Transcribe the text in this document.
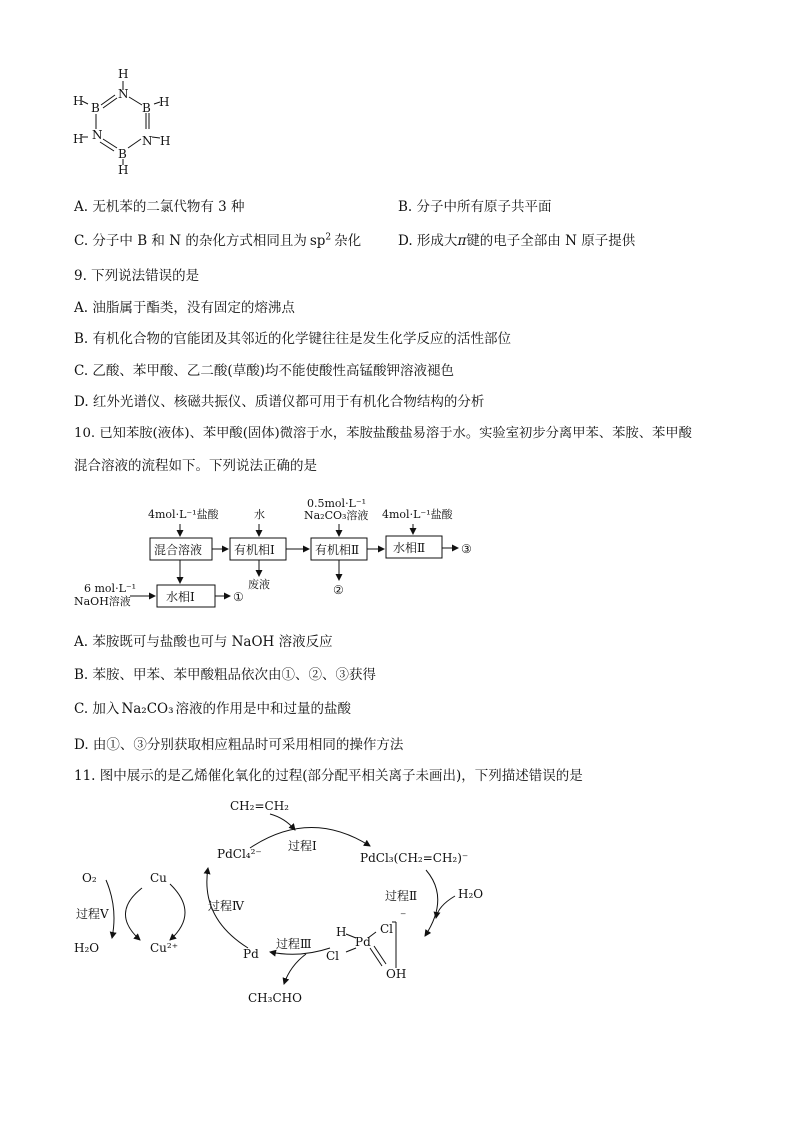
H
N
B
H	H
B
N
H
B
H
N H
A. 无机苯的二氯代物有 3 种	B. 分子中所有原子共平面
C. 分子中 B 和 N 的杂化方式相同且为 $sp^2$ 杂化	D. 形成大π键的电子全部由 N 原子提供
9. 下列说法错误的是
A. 油脂属于酯类，没有固定的熔沸点
B. 有机化合物的官能团及其邻近的化学键往往是发生化学反应的活性部位
C. 乙酸、苯甲酸、乙二酸(草酸)均不能使酸性高锰酸钾溶液褪色
D. 红外光谱仪、核磁共振仪、质谱仪都可用于有机化合物结构的分析
10. 已知苯胺(液体)、苯甲酸(固体)微溶于水，苯胺盐酸盐易溶于水。实验室初步分离甲苯、苯胺、苯甲酸
混合溶液的流程如下。下列说法正确的是
4mol·L⁻¹盐酸	水
0.5mol·L⁻¹
Na₂CO₃溶液 4mol·L⁻¹盐酸
混合溶液	有机相Ⅰ	有机相Ⅱ	水相Ⅱ
水相Ⅰ
6 mol·L⁻¹
NaOH溶液
废液
①	②
③
A. 苯胺既可与盐酸也可与 NaOH 溶液反应
B. 苯胺、甲苯、苯甲酸粗品依次由①、②、③获得
C. 加入 Na₂CO₃ 溶液的作用是中和过量的盐酸
D. 由①、③分别获取相应粗品时可采用相同的操作方法
11. 图中展示的是乙烯催化氧化的过程(部分配平相关离子未画出)，下列描述错误的是
CH₂=CH₂
PdCl₄²⁻
过程Ⅰ
PdCl₃(CH₂=CH₂)⁻
过程Ⅱ	H₂O
过程Ⅳ
Pd
过程Ⅲ
H
Pd
Cl
Cl
OH
⁻
CH₃CHO
O₂	Cu
过程Ⅴ
H₂O	Cu²⁺
